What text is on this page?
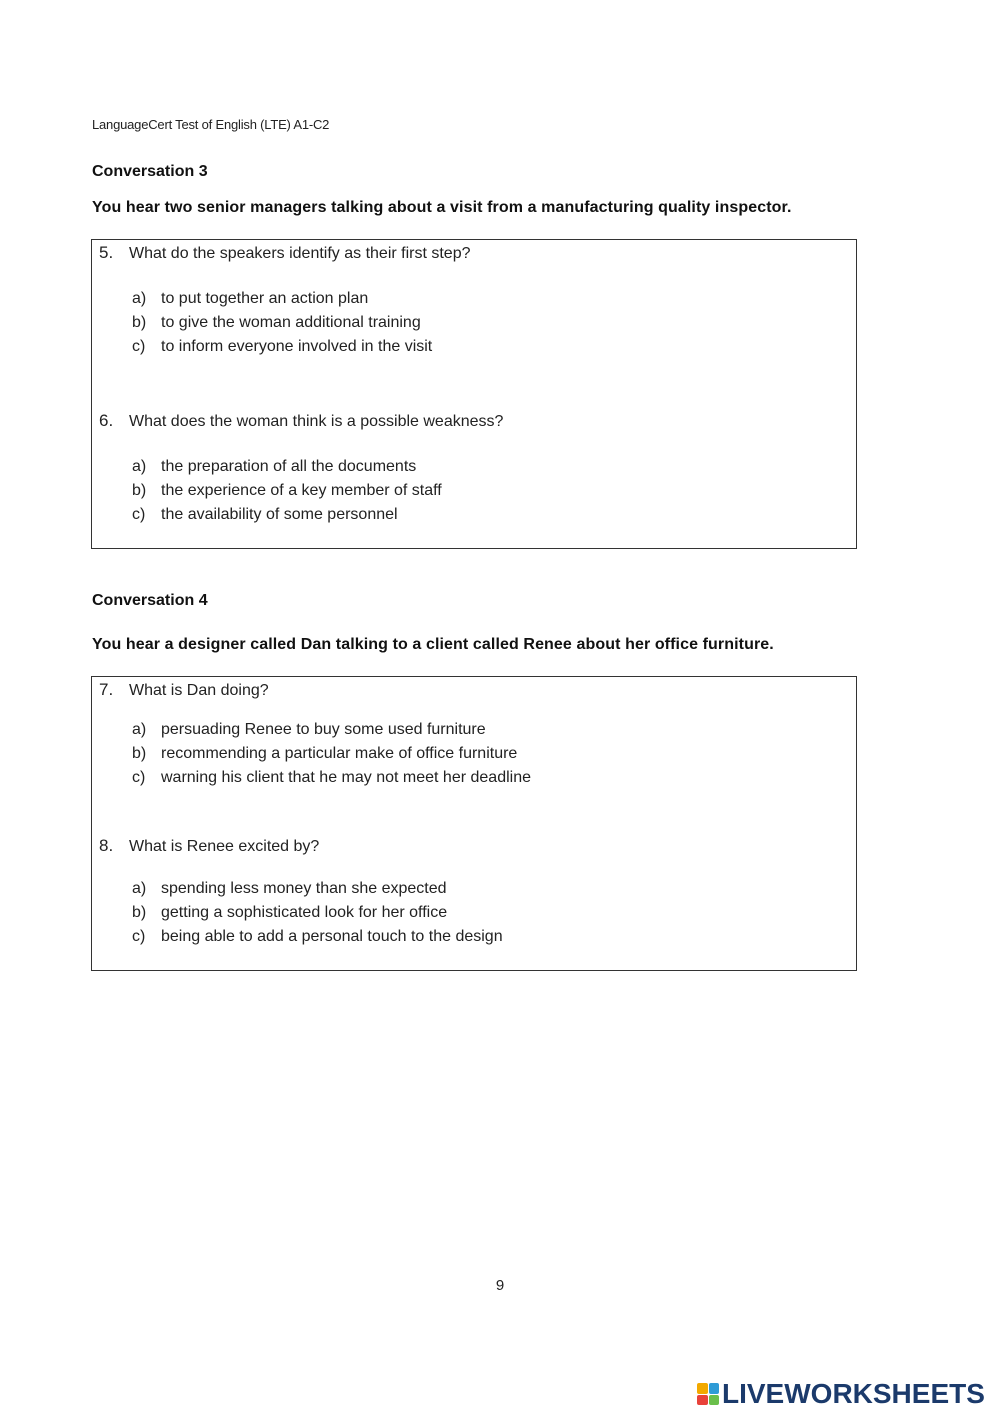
LanguageCert Test of English (LTE) A1-C2
Conversation 3
You hear two senior managers talking about a visit from a manufacturing quality inspector.
5. What do the speakers identify as their first step?
a) to put together an action plan
b) to give the woman additional training
c) to inform everyone involved in the visit
6. What does the woman think is a possible weakness?
a) the preparation of all the documents
b) the experience of a key member of staff
c) the availability of some personnel
Conversation 4
You hear a designer called Dan talking to a client called Renee about her office furniture.
7. What is Dan doing?
a) persuading Renee to buy some used furniture
b) recommending a particular make of office furniture
c) warning his client that he may not meet her deadline
8. What is Renee excited by?
a) spending less money than she expected
b) getting a sophisticated look for her office
c) being able to add a personal touch to the design
9
LIVEWORKSHEETS
